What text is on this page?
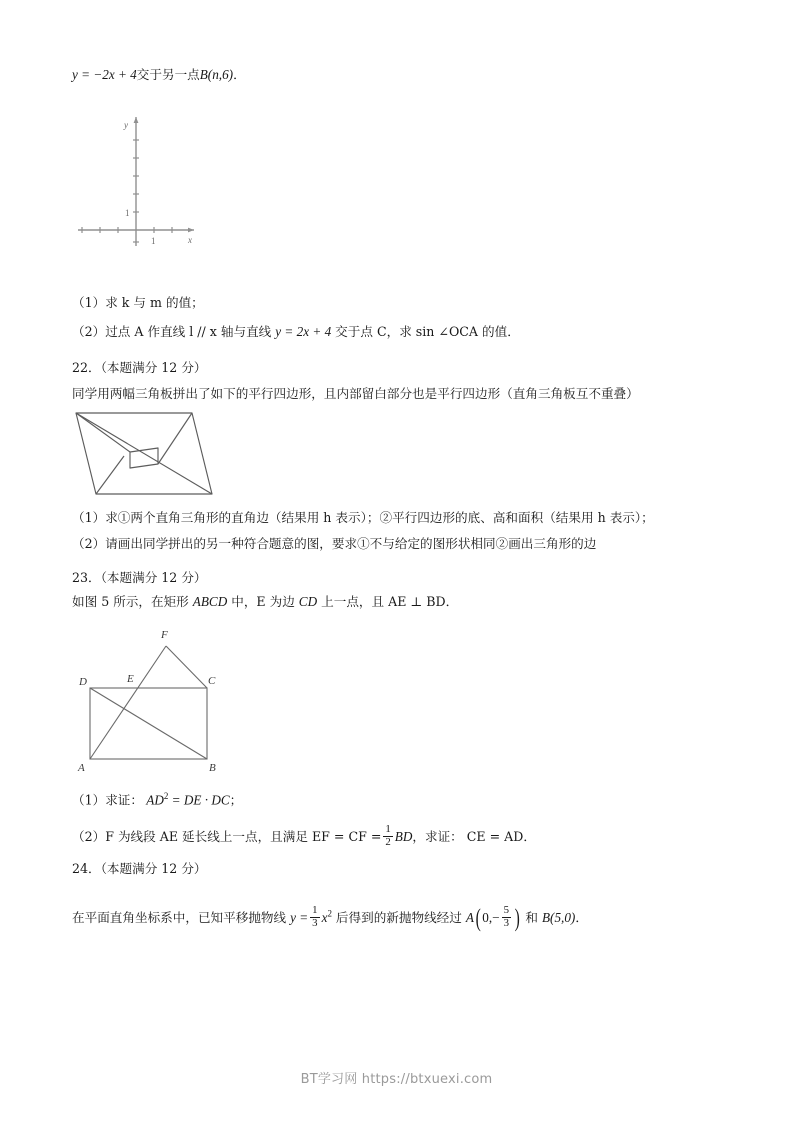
y = −2x + 4交于另一点B(n,6)．
y
x
1
1
（1）求 k 与 m 的值；
（2）过点 A 作直线 l // x 轴与直线 y = 2x + 4 交于点 C，求 sin ∠OCA 的值．
22．（本题满分 12 分）
同学用两幅三角板拼出了如下的平行四边形，且内部留白部分也是平行四边形（直角三角板互不重叠）
（1）求①两个直角三角形的直角边（结果用 h 表示）；②平行四边形的底、高和面积（结果用 h 表示）；
（2）请画出同学拼出的另一种符合题意的图，要求①不与给定的图形状相同②画出三角形的边
23．（本题满分 12 分）
如图 5 所示，在矩形 ABCD 中，E 为边 CD 上一点，且 AE ⊥ BD．
D	E	C
F
A	B
（1）求证： $AD^2$ = DE · DC；
（2）F 为线段 AE 延长线上一点，且满足 EF = CF = $\frac{1}{2}$ BD，求证： CE = AD．
24．（本题满分 12 分）
在平面直角坐标系中，已知平移抛物线 $y = \frac{1}{3} x^2$ 后得到的新抛物线经过 A( $0,- \frac{5}{3}$ ) 和 B(5,0)．
BT学习网 https://btxuexi.com
